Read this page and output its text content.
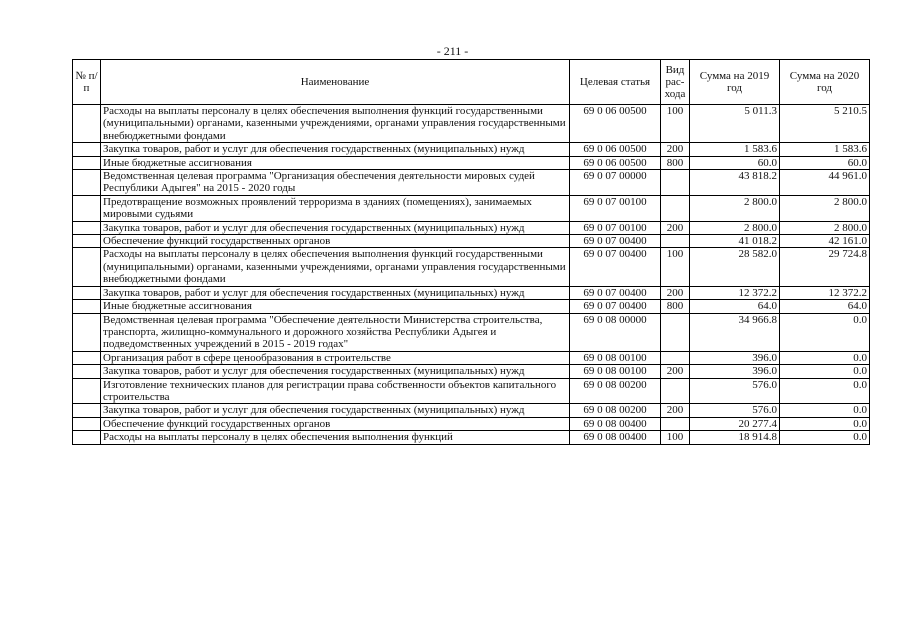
- 211 -
№ п/п	Наименование	Целевая статья	Вид рас-хода	Сумма на 2019 год	Сумма на 2020 год
	Расходы на выплаты персоналу в целях обеспечения выполнения функций государственными (муниципальными) органами, казенными учреждениями, органами управления государственными внебюджетными фондами	69 0 06 00500	100	5 011.3	5 210.5
	Закупка товаров, работ и услуг для обеспечения государственных (муниципальных) нужд	69 0 06 00500	200	1 583.6	1 583.6
	Иные бюджетные ассигнования	69 0 06 00500	800	60.0	60.0
	Ведомственная целевая программа "Организация обеспечения деятельности мировых судей Республики Адыгея" на 2015 - 2020 годы	69 0 07 00000		43 818.2	44 961.0
	Предотвращение возможных проявлений терроризма в зданиях (помещениях), занимаемых мировыми судьями	69 0 07 00100		2 800.0	2 800.0
	Закупка товаров, работ и услуг для обеспечения государственных (муниципальных) нужд	69 0 07 00100	200	2 800.0	2 800.0
	Обеспечение функций государственных органов	69 0 07 00400		41 018.2	42 161.0
	Расходы на выплаты персоналу в целях обеспечения выполнения функций государственными (муниципальными) органами, казенными учреждениями, органами управления государственными внебюджетными фондами	69 0 07 00400	100	28 582.0	29 724.8
	Закупка товаров, работ и услуг для обеспечения государственных (муниципальных) нужд	69 0 07 00400	200	12 372.2	12 372.2
	Иные бюджетные ассигнования	69 0 07 00400	800	64.0	64.0
	Ведомственная целевая программа "Обеспечение деятельности Министерства строительства, транспорта, жилищно-коммунального и дорожного хозяйства Республики Адыгея и подведомственных учреждений в 2015 - 2019 годах"	69 0 08 00000		34 966.8	0.0
	Организация работ в сфере ценообразования в строительстве	69 0 08 00100		396.0	0.0
	Закупка товаров, работ и услуг для обеспечения государственных (муниципальных) нужд	69 0 08 00100	200	396.0	0.0
	Изготовление технических планов для регистрации права собственности объектов капитального строительства	69 0 08 00200		576.0	0.0
	Закупка товаров, работ и услуг для обеспечения государственных (муниципальных) нужд	69 0 08 00200	200	576.0	0.0
	Обеспечение функций государственных органов	69 0 08 00400		20 277.4	0.0
	Расходы на выплаты персоналу в целях обеспечения выполнения функций	69 0 08 00400	100	18 914.8	0.0
